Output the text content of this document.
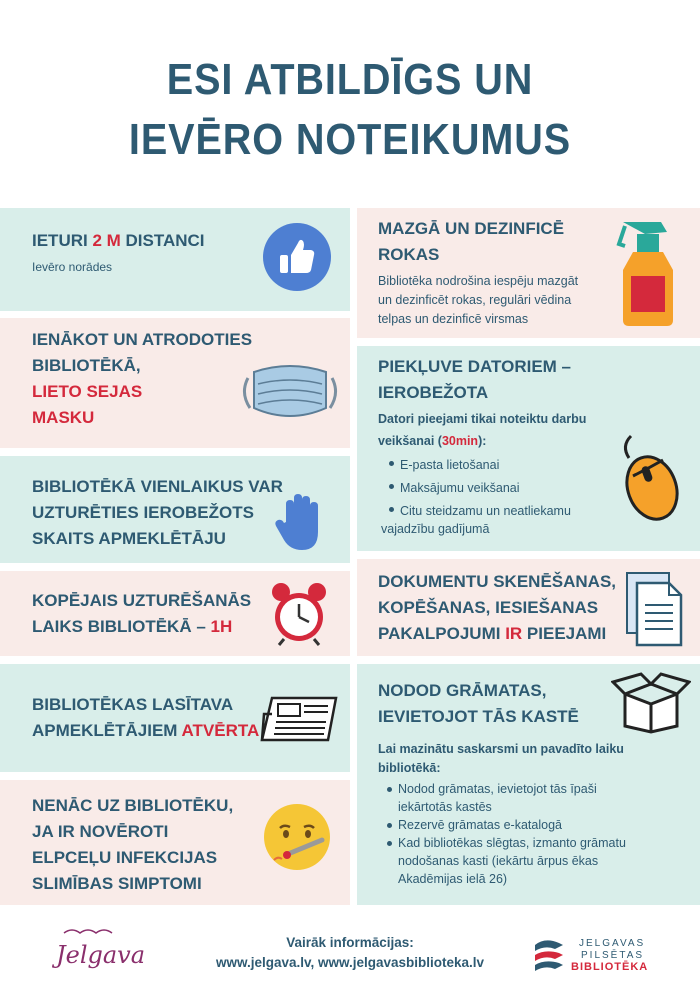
ESI ATBILDĪGS UN
IEVĒRO NOTEIKUMUS
IETURI 2 M DISTANCI
Ievēro norādes
IENĀKOT UN ATRODOTIES
BIBLIOTĒKĀ,
LIETO SEJAS
MASKU
BIBLIOTĒKĀ VIENLAIKUS VAR
UZTURĒTIES IEROBEŽOTS
SKAITS APMEKLĒTĀJU
KOPĒJAIS UZTURĒŠANĀS
LAIKS BIBLIOTĒKĀ – 1H
BIBLIOTĒKAS LASĪTAVA
APMEKLĒTĀJIEM ATVĒRTA
NENĀC UZ BIBLIOTĒKU,
JA IR NOVĒROTI
ELPCEĻU INFEKCIJAS
SLIMĪBAS SIMPTOMI
MAZGĀ UN DEZINFICĒ
ROKAS
Bibliotēka nodrošina iespēju mazgāt
un dezinficēt rokas, regulāri vēdina
telpas un dezinficē virsmas
PIEKĻUVE DATORIEM –
IEROBEŽOTA
Datori pieejami tikai noteiktu darbu
veikšanai (30min):
E-pasta lietošanai
Maksājumu veikšanai
Citu steidzamu un neatliekamu
vajadzību gadījumā
DOKUMENTU SKENĒŠANAS,
KOPĒŠANAS, IESIEŠANAS
PAKALPOJUMI IR PIEEJAMI
NODOD GRĀMATAS,
IEVIETOJOT TĀS KASTĒ
Lai mazinātu saskarsmi un pavadīto laiku
bibliotēkā:
Nodod grāmatas, ievietojot tās īpaši
iekārtotās kastēs
Rezervē grāmatas e-katalogā
Kad bibliotēkas slēgtas, izmanto grāmatu
nodošanas kasti (iekārtu ārpus ēkas
Akadēmijas ielā 26)
Jelgava	Vairāk informācijas:
www.jelgava.lv, www.jelgavasbiblioteka.lv
JELGAVAS
PILSĒTAS
BIBLIOTĒKA
